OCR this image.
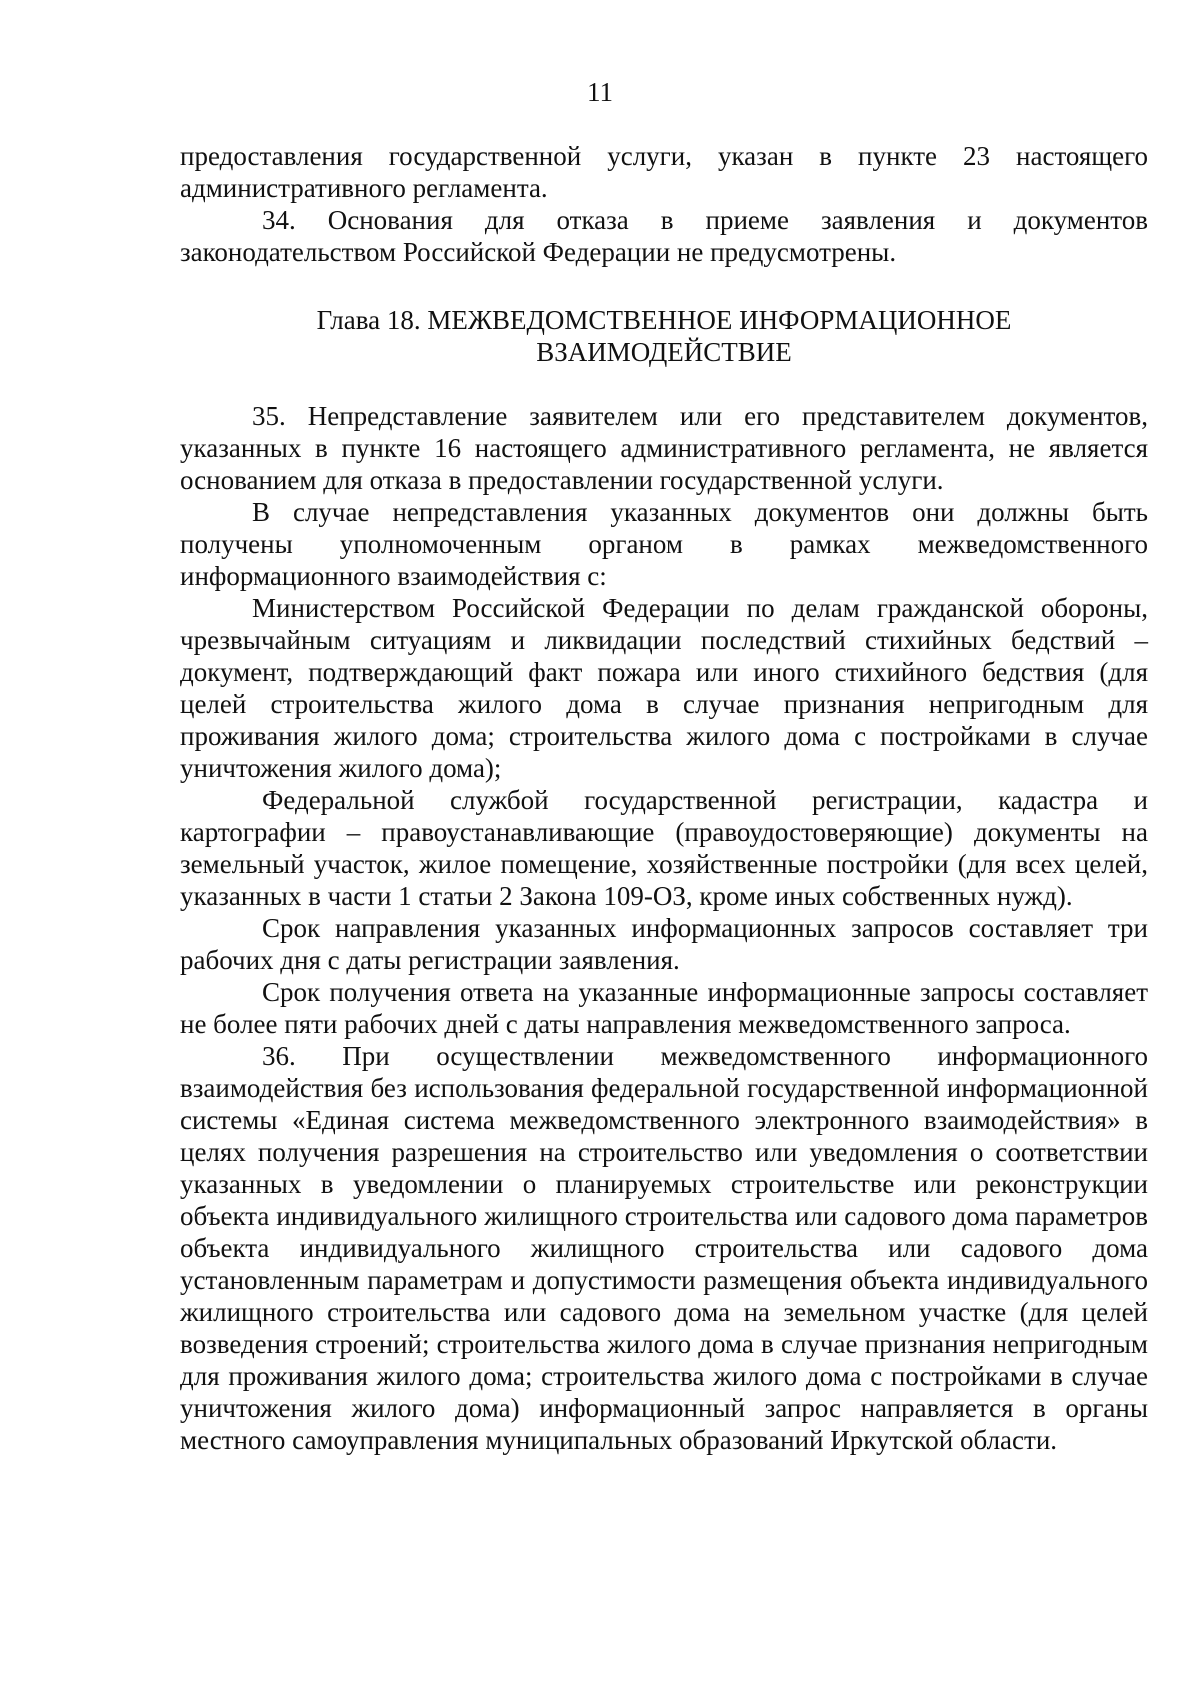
11

предоставления государственной услуги, указан в пункте 23 настоящего административного регламента.

34. Основания для отказа в приеме заявления и документов законодательством Российской Федерации не предусмотрены.

Глава 18. МЕЖВЕДОМСТВЕННОЕ ИНФОРМАЦИОННОЕ
ВЗАИМОДЕЙСТВИЕ

35. Непредставление заявителем или его представителем документов, указанных в пункте 16 настоящего административного регламента, не является основанием для отказа в предоставлении государственной услуги.

В случае непредставления указанных документов они должны быть получены уполномоченным органом в рамках межведомственного информационного взаимодействия с:

Министерством Российской Федерации по делам гражданской обороны, чрезвычайным ситуациям и ликвидации последствий стихийных бедствий – документ, подтверждающий факт пожара или иного стихийного бедствия (для целей строительства жилого дома в случае признания непригодным для проживания жилого дома; строительства жилого дома с постройками в случае уничтожения жилого дома);

Федеральной службой государственной регистрации, кадастра и картографии – правоустанавливающие (правоудостоверяющие) документы на земельный участок, жилое помещение, хозяйственные постройки (для всех целей, указанных в части 1 статьи 2 Закона 109-ОЗ, кроме иных собственных нужд).

Срок направления указанных информационных запросов составляет три рабочих дня с даты регистрации заявления.

Срок получения ответа на указанные информационные запросы составляет не более пяти рабочих дней с даты направления межведомственного запроса.

36. При осуществлении межведомственного информационного взаимодействия без использования федеральной государственной информационной системы «Единая система межведомственного электронного взаимодействия» в целях получения разрешения на строительство или уведомления о соответствии указанных в уведомлении о планируемых строительстве или реконструкции объекта индивидуального жилищного строительства или садового дома параметров объекта индивидуального жилищного строительства или садового дома установленным параметрам и допустимости размещения объекта индивидуального жилищного строительства или садового дома на земельном участке (для целей возведения строений; строительства жилого дома в случае признания непригодным для проживания жилого дома; строительства жилого дома с постройками в случае уничтожения жилого дома) информационный запрос направляется в органы местного самоуправления муниципальных образований Иркутской области.
